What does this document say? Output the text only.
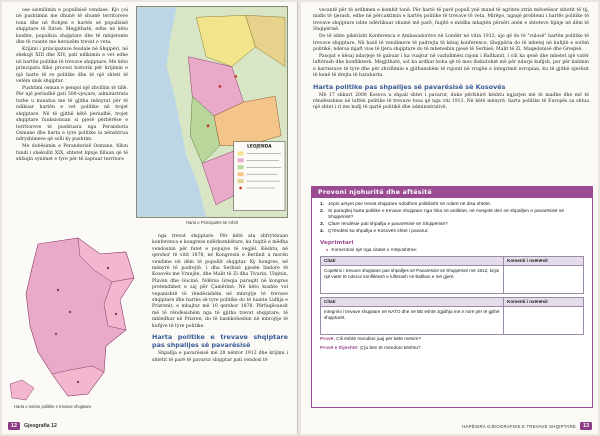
ose asimilimin e popullsisë vendase. Kjo çoi në pushtimin me dhunë të shumë territoreve tona dhe në ftohjen e hartës së popullsisë shqiptare të Ilirisë. Megjithatë, edhe në këto kushte, popullsia shqiptare dhe të mbijetonte dhe të ruante me heroizëm trevat e veta.

Krijimi i principatave feudale në Shqipëri, në shekujt XIII dhe XIV, pati ndikimin e vet edhe në hartën politike të trevave shqiptare. Me këto principata filloi procesi historik për krijimin e një harte të re politike dhe të një shteti të vetëm unik shqiptar.

Pushtimi osman e pengoi një zhvillim të tillë. Për një periudhë gati 500-vjeçare, administrata turke u mundua me të gjitha mënyrat për të ndikuar hartën e vet politike në trojet shqiptare. Në të gjithë këtë periudhë, trojet shqiptare funksionuan si pjesë përbërëse e territoreve të pushtuara nga Perandoria Osmane dhe harta e tyre politike iu nënshtrua ndryshimeve që solli ky pushtim.

Me dobësimin e Perandorisë Osmane, fillon fundi i shekullit XIX, shtetet fqinje filluan që të shfaqin synimet e tyre për të zaptuar territore

LEGJENDA
Harta e Principatës së Arbrit
Harta e sotme politike e trevave shqiptare

nga trevat shqiptare. Për këtë ata shfrytëzuan konferenca e kongrese ndërkombëtare, ku fuqitë e mëdha vendosnin për fatet e popujve të vegjël. Kështu, në qershor të vitit 1878, në Kongresin e Berlinit u morën vendime në dëm të popullit shqiptar. Ky kongres, në mënyrë të padrejtë, i dha Serbisë pjesën lindore të Kosovës me Vranjën, dhe Malit të Zi dha Tivarin, Ulqinin, Plavën dhe Gucinë. Ndërsa Greqia paraqiti në kongres pretendimet e saj për Çamërinë. Në këto kushte vol vepanishtë të rëndësishëm në mbrojtje të trevave shqiptare dhe hartës së tyre politike do të luante Lidhja e Prizrenit, e mbajtur më 10 qershor 1878. Përfaqësuesit më të rëndësishëm nga të gjitha trevat shqiptare, të mbledhur në Prizren, do të bashkoheshin në mbrojtje të kufijve të tyre politike.

Harta politike e trevave shqiptare pas shpalljes së pavarësisë

Shpallja e pavarësisë më 28 nëntor 1912 dhe krijimi i shtetit të parë të pavarur shqiptar pati vendosi të

12	Gjeografia 12

vecantë për të ardhmen e kombit tonë. Për hartë të parë popull ynë mund të ngrinte xtrin mëvetësor shtetit të tij, midis të tjerash, edhe në përcaktimin e hartës politike të trevave të veta. Mirëpo, ngaqë problemi i hartës politike të trevave shqiptare ishte ndërlikuar shumë më parë, fuqitë e mëdha mbajtën përsëri anën e shteteve fqinje në dëm të Shqipërisë.

Do të ishte pikërisht Konferenca e Ambasadorëve në Londër në vitin 1913, ajo që do të "vulosë" hartën politike të trevave shqiptare. Në bazë të vendimeve të padrejta të kësaj konference, Shqipëria do të mbetej në kufijtë e sotëm politikë, ndërsa mjaft vise të tjera shqiptare do të mbeteshin pjesë të Serbisë, Malit të Zi, Maqedonisë dhe Greqisë.

Pasojat e kësaj ndarjeje të gabuar i ka vuajtur në vazhdimësi rajoni i Ballkanit, i cili ka qenë dhe mbetet një vatër luftërash dhe konfliktesh. Megjithatë, sot ka ardhur koha që të mos diskutohet më për ndarje kufijsh, por për kalimin e barrierave të tyre dhe për zhvillimin e gjithanshëm të rajonit në rrugën e integrimit evropian, ku të gjithë njerëzit të kenë të drejta të barabarta.

Harta politike pas shpalljes së pavarësisë së Kosovës

Më 17 shkurt 2008 Kosova u shpall shtet i pavarur, duke përfshirë kështu ngjarjen më të madhe dhe më të rëndësishme në luftën politike të trevave tona që nga viti 1912. Në këtë mënyrë, harta politike të Europës sa shtua një shtet i ri me kufij të qartë politikë dhe administrativë.

Provoni njohuritë dhe aftësitë
1. Jepni arsyet pse trevat shqiptare ndodhen politikisht në ndarë në disa shtete.
2. Si paraqitej harta politike e trevave shqiptare nga Iliria në antikitet, në mesjetë deri në shpalljen e pavarësisë së Shqipërisë?
3. Çfarë rëndësie pati shpallja e pavarësisë së Shqipërisë?
4. Ç'rëndësi ka shpallja e Kosovës shtet i pavarur.
Veprimtari
● Komentoni një nga citatet e mëposhtme:
Citati	Komenti i nxënësit
Copëtimi i trevave shqiptare pas shpalljes së Pavarësisë së Shqipërisë më 1912, krijoi një vatër të ndezur konfliktesh e luftërash në Ballkan e më gjerë.	
Citati	Komenti i nxënësit
Integrimi i trevave shqiptare në NATO dhe në BE është zgjidhja më e mirë për të gjithë shqiptarët.	
Provë: Cili është mendimi juaj për këtë mësim?
Provë e thjeshtë: Ç'ju bën të mendoni kështu?
HAPËSIRA GJEOGRAFIKE E TREVAVE SHQIPTARE	13
